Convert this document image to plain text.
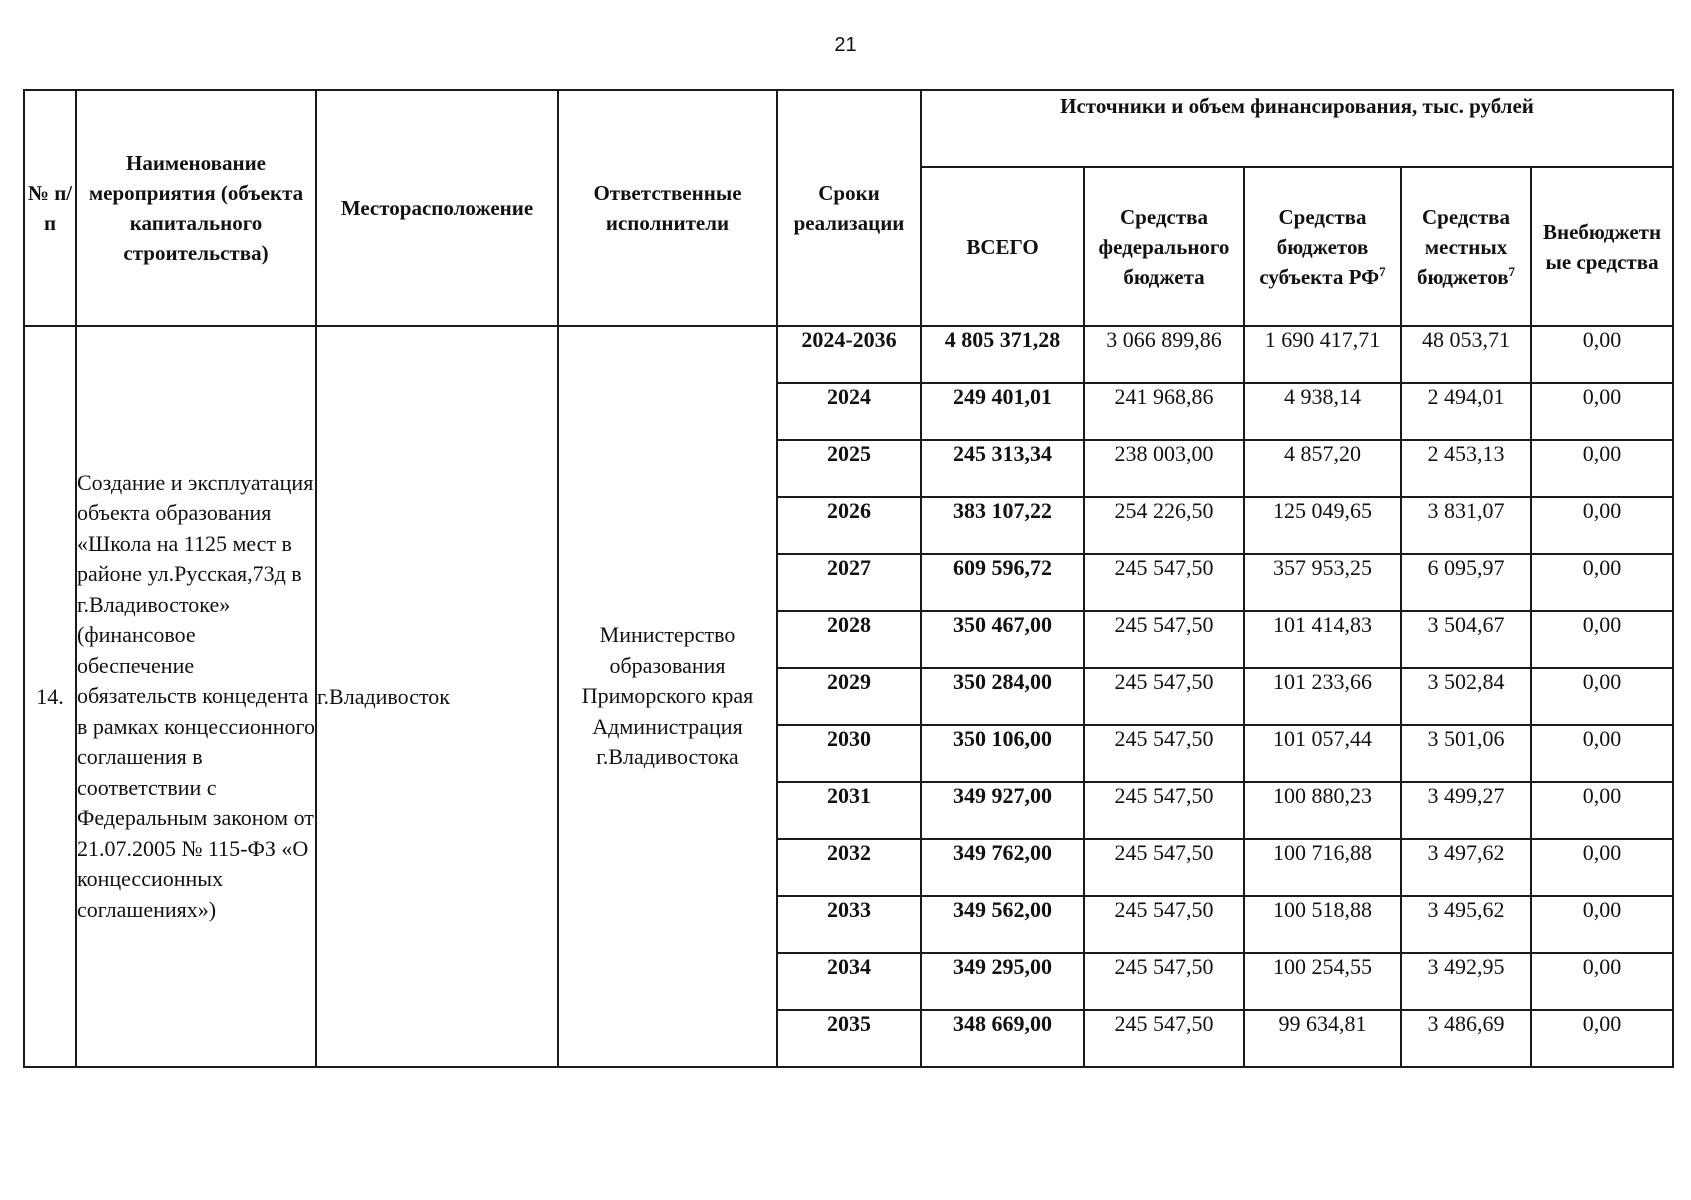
21
№ п/п	Наименование мероприятия (объекта капитального строительства)	Месторасположение	Ответственные исполнители	Сроки реализации	Источники и объем финансирования, тыс. рублей				
					ВСЕГО	Средства федерального бюджета	Средства бюджетов субъекта $РФ^7$	Средства местных бюджетов$^7$	Внебюджетн ые средства
14.	Создание и эксплуатация объекта образования «Школа на 1125 мест в районе ул.Русская,73д в г.Владивостоке» (финансовое обеспечение обязательств концедента в рамках концессионного соглашения в соответствии с Федеральным законом от 21.07.2005 № 115-ФЗ «О концессионных соглашениях»)	г.Владивосток	Министерство образования Приморского края Администрация г.Владивостока	2024-2036	4 805 371,28	3 066 899,86	1 690 417,71	48 053,71	0,00
				2024	249 401,01	241 968,86	4 938,14	2 494,01	0,00
				2025	245 313,34	238 003,00	4 857,20	2 453,13	0,00
				2026	383 107,22	254 226,50	125 049,65	3 831,07	0,00
				2027	609 596,72	245 547,50	357 953,25	6 095,97	0,00
				2028	350 467,00	245 547,50	101 414,83	3 504,67	0,00
				2029	350 284,00	245 547,50	101 233,66	3 502,84	0,00
				2030	350 106,00	245 547,50	101 057,44	3 501,06	0,00
				2031	349 927,00	245 547,50	100 880,23	3 499,27	0,00
				2032	349 762,00	245 547,50	100 716,88	3 497,62	0,00
				2033	349 562,00	245 547,50	100 518,88	3 495,62	0,00
				2034	349 295,00	245 547,50	100 254,55	3 492,95	0,00
				2035	348 669,00	245 547,50	99 634,81	3 486,69	0,00
